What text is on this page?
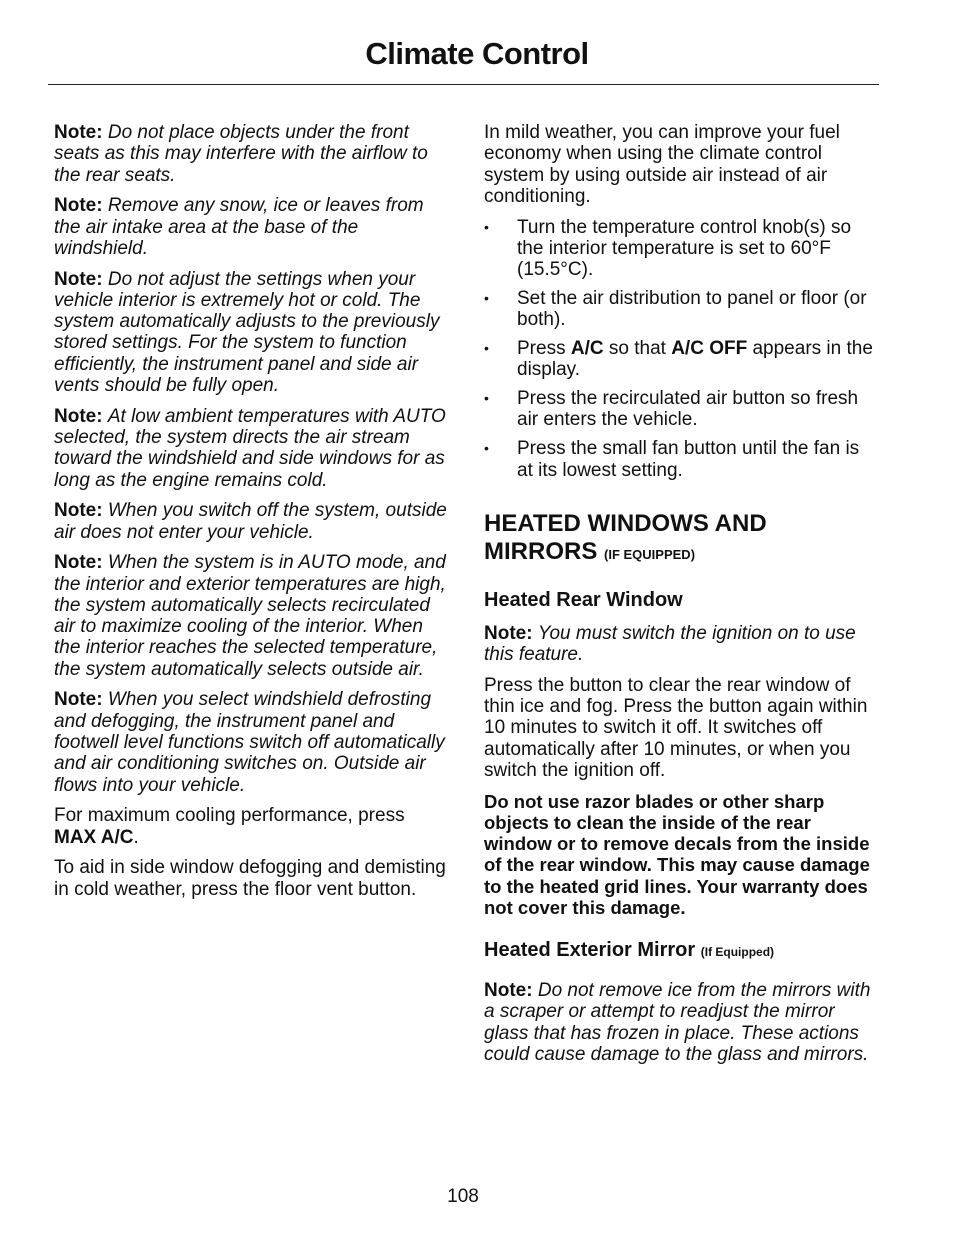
Climate Control

Note: Do not place objects under the front seats as this may interfere with the airflow to the rear seats.

Note: Remove any snow, ice or leaves from the air intake area at the base of the windshield.

Note: Do not adjust the settings when your vehicle interior is extremely hot or cold. The system automatically adjusts to the previously stored settings. For the system to function efficiently, the instrument panel and side air vents should be fully open.

Note: At low ambient temperatures with AUTO selected, the system directs the air stream toward the windshield and side windows for as long as the engine remains cold.

Note: When you switch off the system, outside air does not enter your vehicle.

Note: When the system is in AUTO mode, and the interior and exterior temperatures are high, the system automatically selects recirculated air to maximize cooling of the interior. When the interior reaches the selected temperature, the system automatically selects outside air.

Note: When you select windshield defrosting and defogging, the instrument panel and footwell level functions switch off automatically and air conditioning switches on. Outside air flows into your vehicle.

For maximum cooling performance, press MAX A/C.

To aid in side window defogging and demisting in cold weather, press the floor vent button.

In mild weather, you can improve your fuel economy when using the climate control system by using outside air instead of air conditioning.

• Turn the temperature control knob(s) so the interior temperature is set to 60°F (15.5°C).
• Set the air distribution to panel or floor (or both).
• Press A/C so that A/C OFF appears in the display.
• Press the recirculated air button so fresh air enters the vehicle.
• Press the small fan button until the fan is at its lowest setting.
HEATED WINDOWS AND
MIRRORS (IF EQUIPPED)
Heated Rear Window

Note: You must switch the ignition on to use this feature.

Press the button to clear the rear window of thin ice and fog. Press the button again within 10 minutes to switch it off. It switches off automatically after 10 minutes, or when you switch the ignition off.

Do not use razor blades or other sharp objects to clean the inside of the rear window or to remove decals from the inside of the rear window. This may cause damage to the heated grid lines. Your warranty does not cover this damage.

Heated Exterior Mirror (If Equipped)

Note: Do not remove ice from the mirrors with a scraper or attempt to readjust the mirror glass that has frozen in place. These actions could cause damage to the glass and mirrors.

108
